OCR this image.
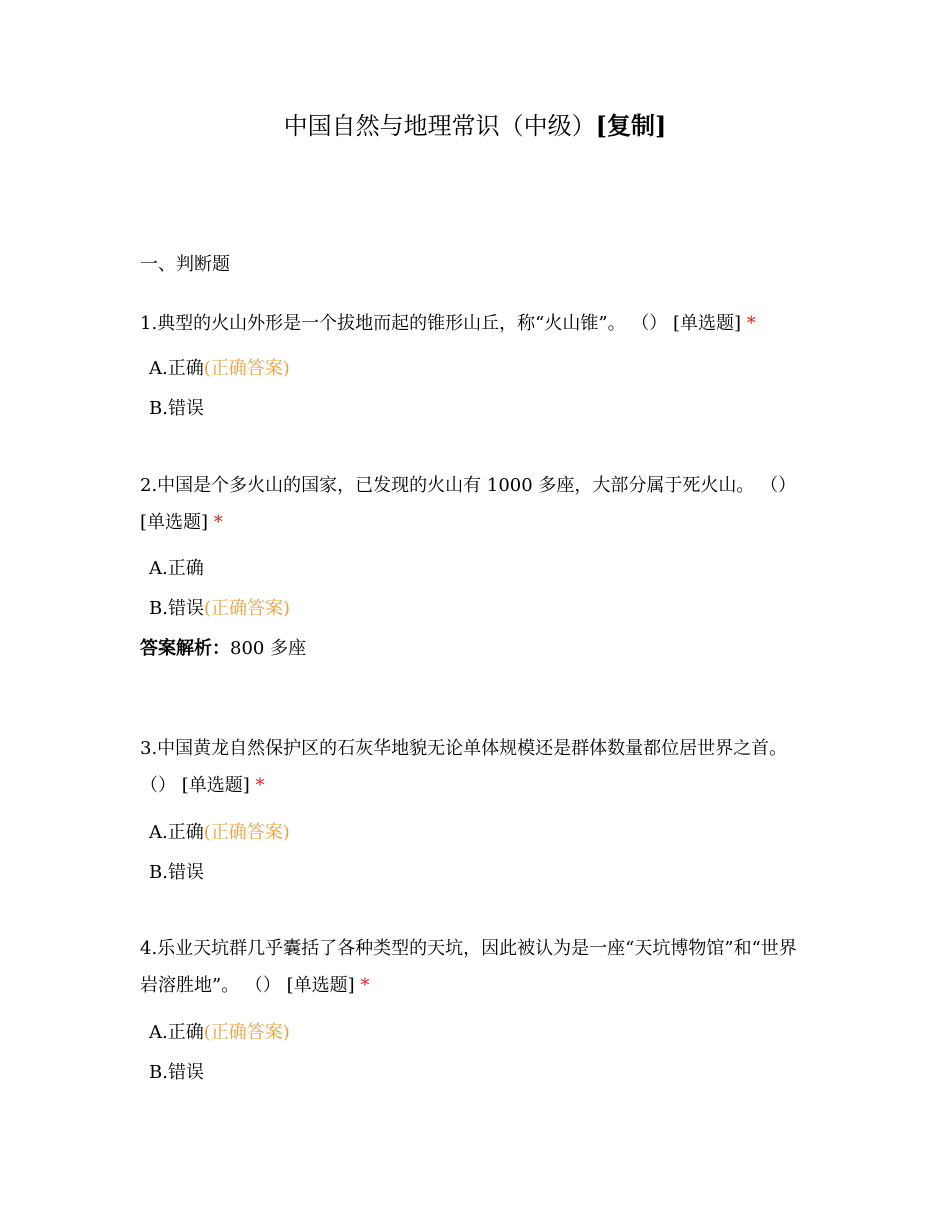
中国自然与地理常识（中级）[复制]
一、判断题
1.典型的火山外形是一个拔地而起的锥形山丘，称“火山锥”。 （） [单选题] *
A.正确(正确答案)
B.错误
2.中国是个多火山的国家，已发现的火山有 1000 多座，大部分属于死火山。 （） [单选题] *
A.正确
B.错误(正确答案)
答案解析：800 多座
3.中国黄龙自然保护区的石灰华地貌无论单体规模还是群体数量都位居世界之首。 （） [单选题] *
A.正确(正确答案)
B.错误
4.乐业天坑群几乎囊括了各种类型的天坑，因此被认为是一座“天坑博物馆”和“世界岩溶胜地”。 （） [单选题] *
A.正确(正确答案)
B.错误
